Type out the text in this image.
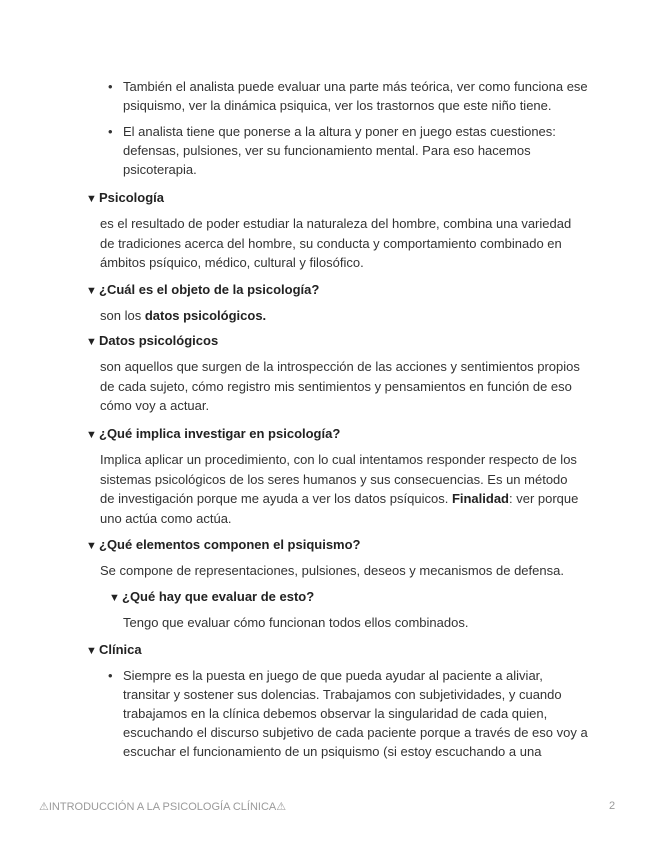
• También el analista puede evaluar una parte más teórica, ver como funciona ese psiquismo, ver la dinámica psiquica, ver los trastornos que este niño tiene.
• El analista tiene que ponerse a la altura y poner en juego estas cuestiones: defensas, pulsiones, ver su funcionamiento mental. Para eso hacemos psicoterapia.
▼ Psicología

es el resultado de poder estudiar la naturaleza del hombre, combina una variedad de tradiciones acerca del hombre, su conducta y comportamiento combinado en ámbitos psíquico, médico, cultural y filosófico.

▼ ¿Cuál es el objeto de la psicología?

son los datos psicológicos.

▼ Datos psicológicos

son aquellos que surgen de la introspección de las acciones y sentimientos propios de cada sujeto, cómo registro mis sentimientos y pensamientos en función de eso cómo voy a actuar.

▼ ¿Qué implica investigar en psicología?

Implica aplicar un procedimiento, con lo cual intentamos responder respecto de los sistemas psicológicos de los seres humanos y sus consecuencias. Es un método de investigación porque me ayuda a ver los datos psíquicos. Finalidad: ver porque uno actúa como actúa.

▼ ¿Qué elementos componen el psiquismo?

Se compone de representaciones, pulsiones, deseos y mecanismos de defensa.

▼ ¿Qué hay que evaluar de esto?

Tengo que evaluar cómo funcionan todos ellos combinados.

▼ Clínica
• Siempre es la puesta en juego de que pueda ayudar al paciente a aliviar, transitar y sostener sus dolencias. Trabajamos con subjetividades, y cuando trabajamos en la clínica debemos observar la singularidad de cada quien, escuchando el discurso subjetivo de cada paciente porque a través de eso voy a escuchar el funcionamiento de un psiquismo (si estoy escuchando a una
⚠INTRODUCCIÓN A LA PSICOLOGÍA CLÍNICA⚠	2
